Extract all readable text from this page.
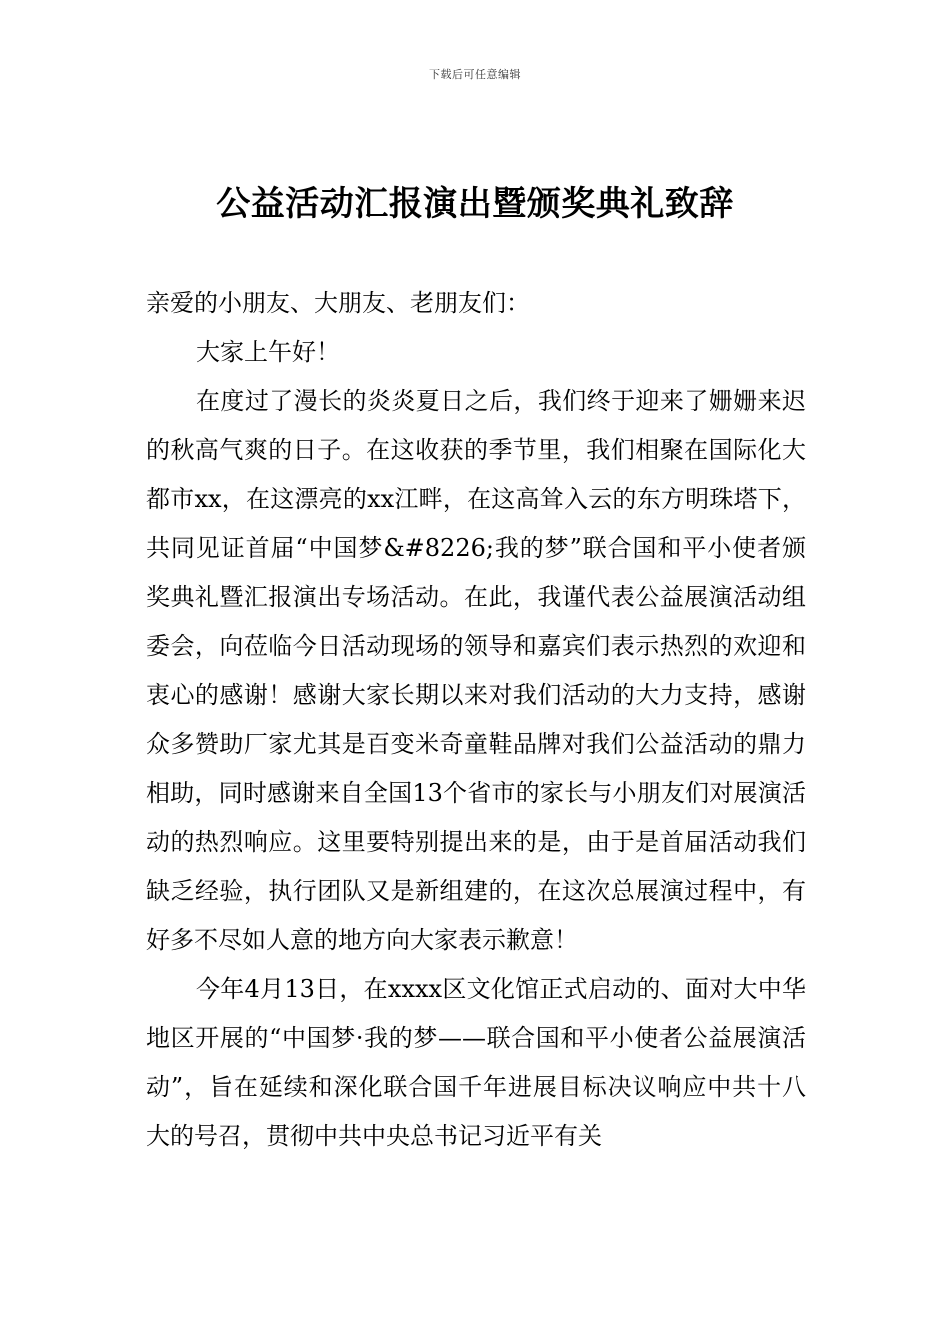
下载后可任意编辑
公益活动汇报演出暨颁奖典礼致辞

亲爱的小朋友、大朋友、老朋友们：

大家上午好！

在度过了漫长的炎炎夏日之后，我们终于迎来了姗姗来迟的秋高气爽的日子。在这收获的季节里，我们相聚在国际化大都市xx，在这漂亮的xx江畔，在这高耸入云的东方明珠塔下，共同见证首届“中国梦&#8226;我的梦”联合国和平小使者颁奖典礼暨汇报演出专场活动。在此，我谨代表公益展演活动组委会，向莅临今日活动现场的领导和嘉宾们表示热烈的欢迎和衷心的感谢！感谢大家长期以来对我们活动的大力支持，感谢众多赞助厂家尤其是百变米奇童鞋品牌对我们公益活动的鼎力相助，同时感谢来自全国13个省市的家长与小朋友们对展演活动的热烈响应。这里要特别提出来的是，由于是首届活动我们缺乏经验，执行团队又是新组建的，在这次总展演过程中，有好多不尽如人意的地方向大家表示歉意！

今年4月13日，在xxxx区文化馆正式启动的、面对大中华地区开展的“中国梦·我的梦——联合国和平小使者公益展演活动”，旨在延续和深化联合国千年进展目标决议响应中共十八大的号召，贯彻中共中央总书记习近平有关
